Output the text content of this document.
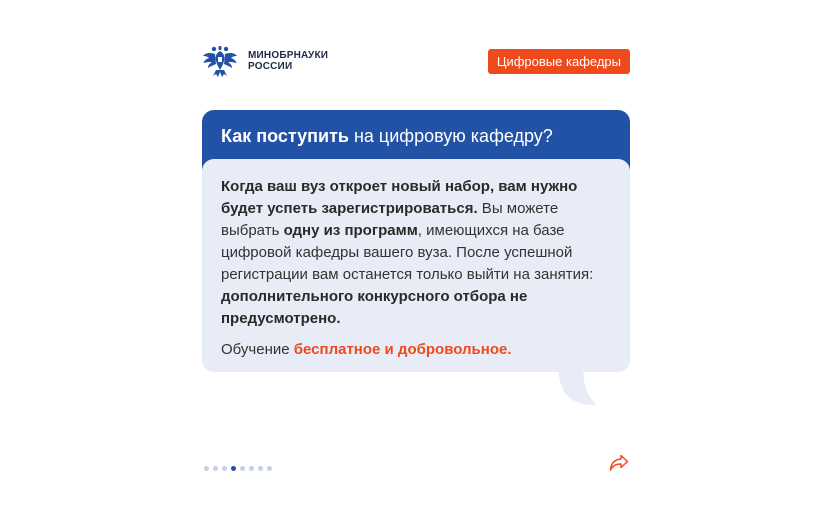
МИНОБРНАУКИ
РОССИИ	Цифровые кафедры
Как поступить на цифровую кафедру?

Когда ваш вуз откроет новый набор, вам нужно будет успеть зарегистрироваться. Вы можете выбрать одну из программ, имеющихся на базе цифровой кафедры вашего вуза. После успешной регистрации вам останется только выйти на занятия: дополнительного конкурсного отбора не предусмотрено.

Обучение бесплатное и добровольное.
